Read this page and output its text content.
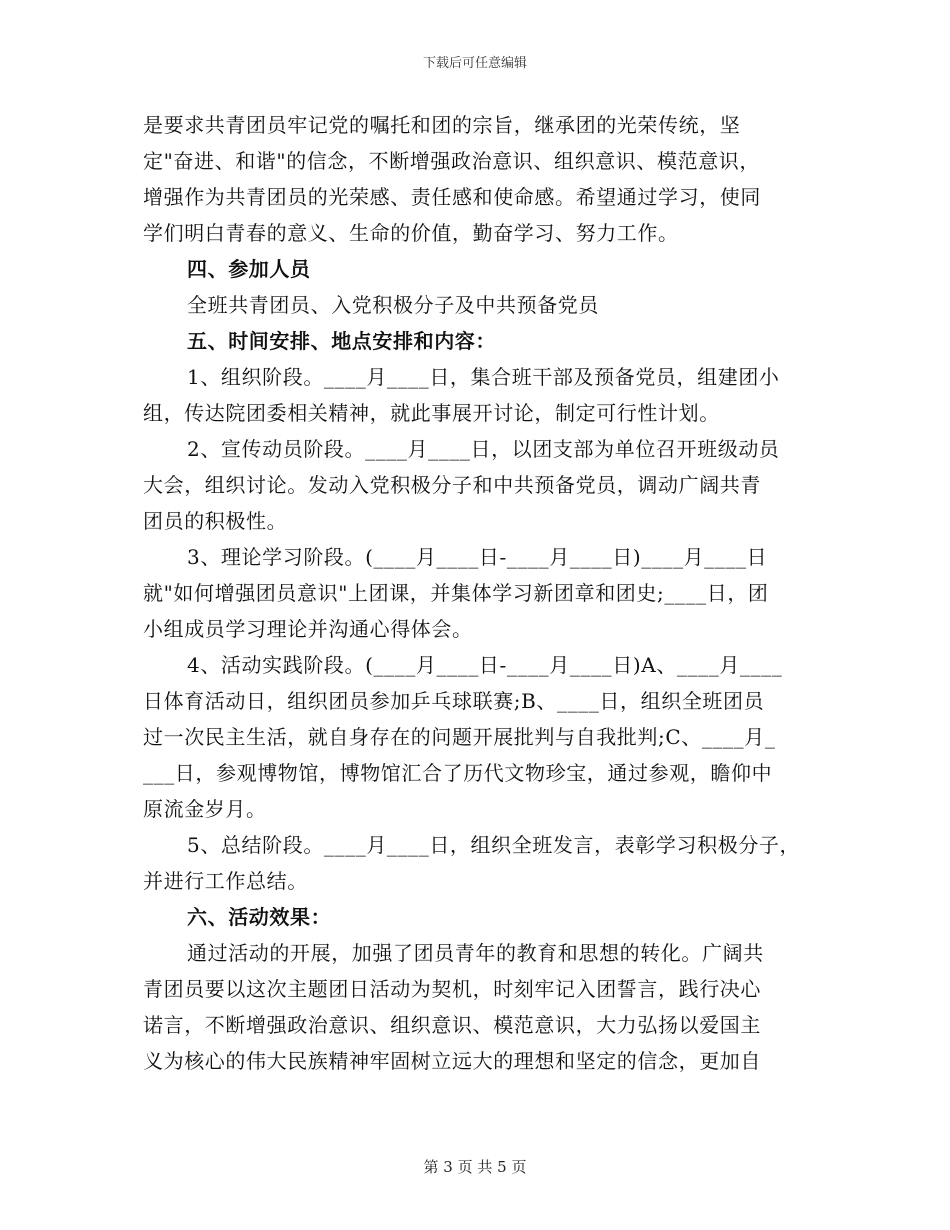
下载后可任意编辑
是要求共青团员牢记党的嘱托和团的宗旨，继承团的光荣传统，坚
定"奋进、和谐"的信念，不断增强政治意识、组织意识、模范意识，
增强作为共青团员的光荣感、责任感和使命感。希望通过学习，使同
学们明白青春的意义、生命的价值，勤奋学习、努力工作。
四、参加人员
全班共青团员、入党积极分子及中共预备党员
五、时间安排、地点安排和内容：
1、组织阶段。____月____日，集合班干部及预备党员，组建团小
组，传达院团委相关精神，就此事展开讨论，制定可行性计划。
2、宣传动员阶段。____月____日，以团支部为单位召开班级动员
大会，组织讨论。发动入党积极分子和中共预备党员，调动广阔共青
团员的积极性。
3、理论学习阶段。(____月____日-____月____日)____月____日
就"如何增强团员意识"上团课，并集体学习新团章和团史;____日，团
小组成员学习理论并沟通心得体会。
4、活动实践阶段。(____月____日-____月____日)A、____月____
日体育活动日，组织团员参加乒乓球联赛;B、____日，组织全班团员
过一次民主生活，就自身存在的问题开展批判与自我批判;C、____月_
___日，参观博物馆，博物馆汇合了历代文物珍宝，通过参观，瞻仰中
原流金岁月。
5、总结阶段。____月____日，组织全班发言，表彰学习积极分子，
并进行工作总结。
六、活动效果：
通过活动的开展，加强了团员青年的教育和思想的转化。广阔共
青团员要以这次主题团日活动为契机，时刻牢记入团誓言，践行决心
诺言，不断增强政治意识、组织意识、模范意识，大力弘扬以爱国主
义为核心的伟大民族精神牢固树立远大的理想和坚定的信念，更加自
第 3 页 共 5 页
